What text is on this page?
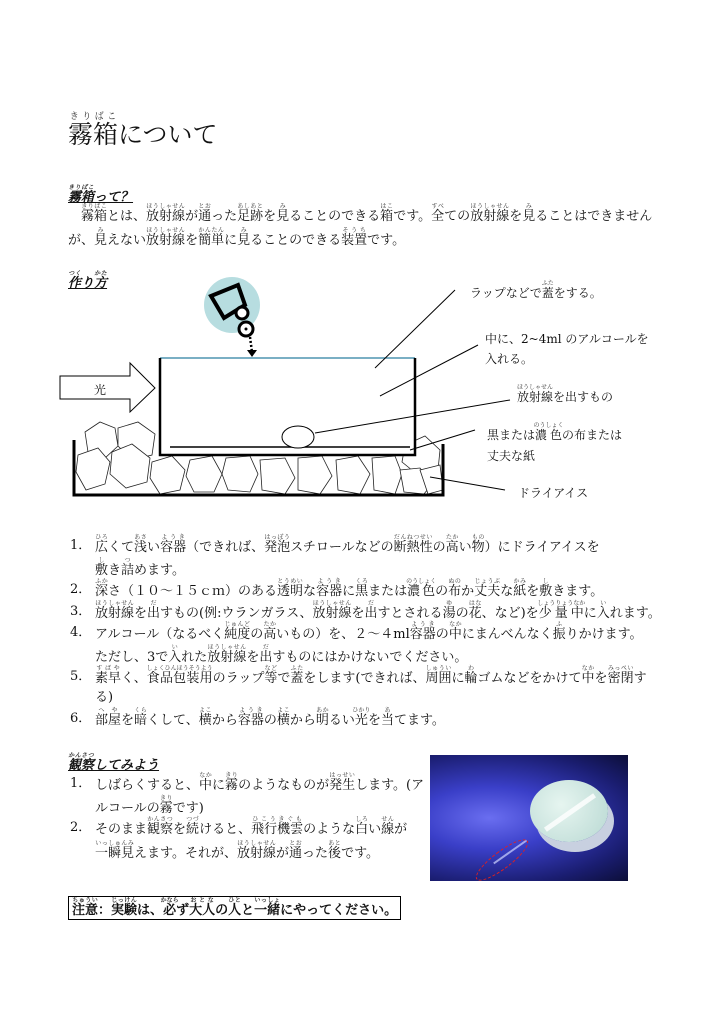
霧箱きりばこについて
霧箱きりばこって？
　霧箱きりばことは、放射線ほうしゃせんが通とおった足跡あしあとを見みることのできる箱はこです。全すべての放射線ほうしゃせんを見みることはできません
が、見みえない放射線ほうしゃせんを簡単かんたんに見みることのできる装置そうちです。
作つくり方かた
光
ラップなどで蓋ふたをする。
中に、2~4ml のアルコールを
入れる。
放射線ほうしゃせんを出すもの
黒または濃色のうしょくの布または
丈夫な紙
ドライアイス
1． 広ひろくて浅あさい容器ようき（できれば、発泡はっぽうスチロールなどの断熱性だんねつせいの高たかい物もの）にドライアイスを
敷しき詰つめます。
2． 深ふかさ（１０～１５ｃｍ）のある透明とうめいな容器ようきに黒くろまたは濃色のうしょくの布ぬのか丈夫じょうぶな紙かみを敷しきます。
3． 放射線ほうしゃせんを出だすもの(例:ウランガラス、放射線ほうしゃせんを出だすとされる湯ゆの花はな、など)を少量中しょうりょうなかに入いれます。
4． アルコール（なるべく純度じゅんどの高たかいもの）を、２～４ml容器ようきの中なかにまんべんなく振ふりかけます。
ただし、3で入いれた放射線ほうしゃせんを出だすものにはかけないでください。
5． 素早すばやく、食品包装用しょくひんほうそうようのラップ等などで蓋ふたをします(できれば、周囲しゅういに輪わゴムなどをかけて中なかを密閉みっぺいす
る)
6． 部屋へやを暗くらくして、横よこから容器ようきの横よこから明あかるい光ひかりを当あてます。
観察かんさつしてみよう
1． しばらくすると、中なかに霧きりのようなものが発生はっせいします。(ア
ルコールの霧きりです)
2． そのまま観察かんさつを続つづけると、飛行機雲ひこうきぐものような白しろい線せんが
一瞬見いっしゅんみえます。それが、放射線ほうしゃせんが通とおった後あとです。
注意ちゅうい：実験じっけんは、必かならず大人おとなの人ひとと一緒いっしょにやってください。
